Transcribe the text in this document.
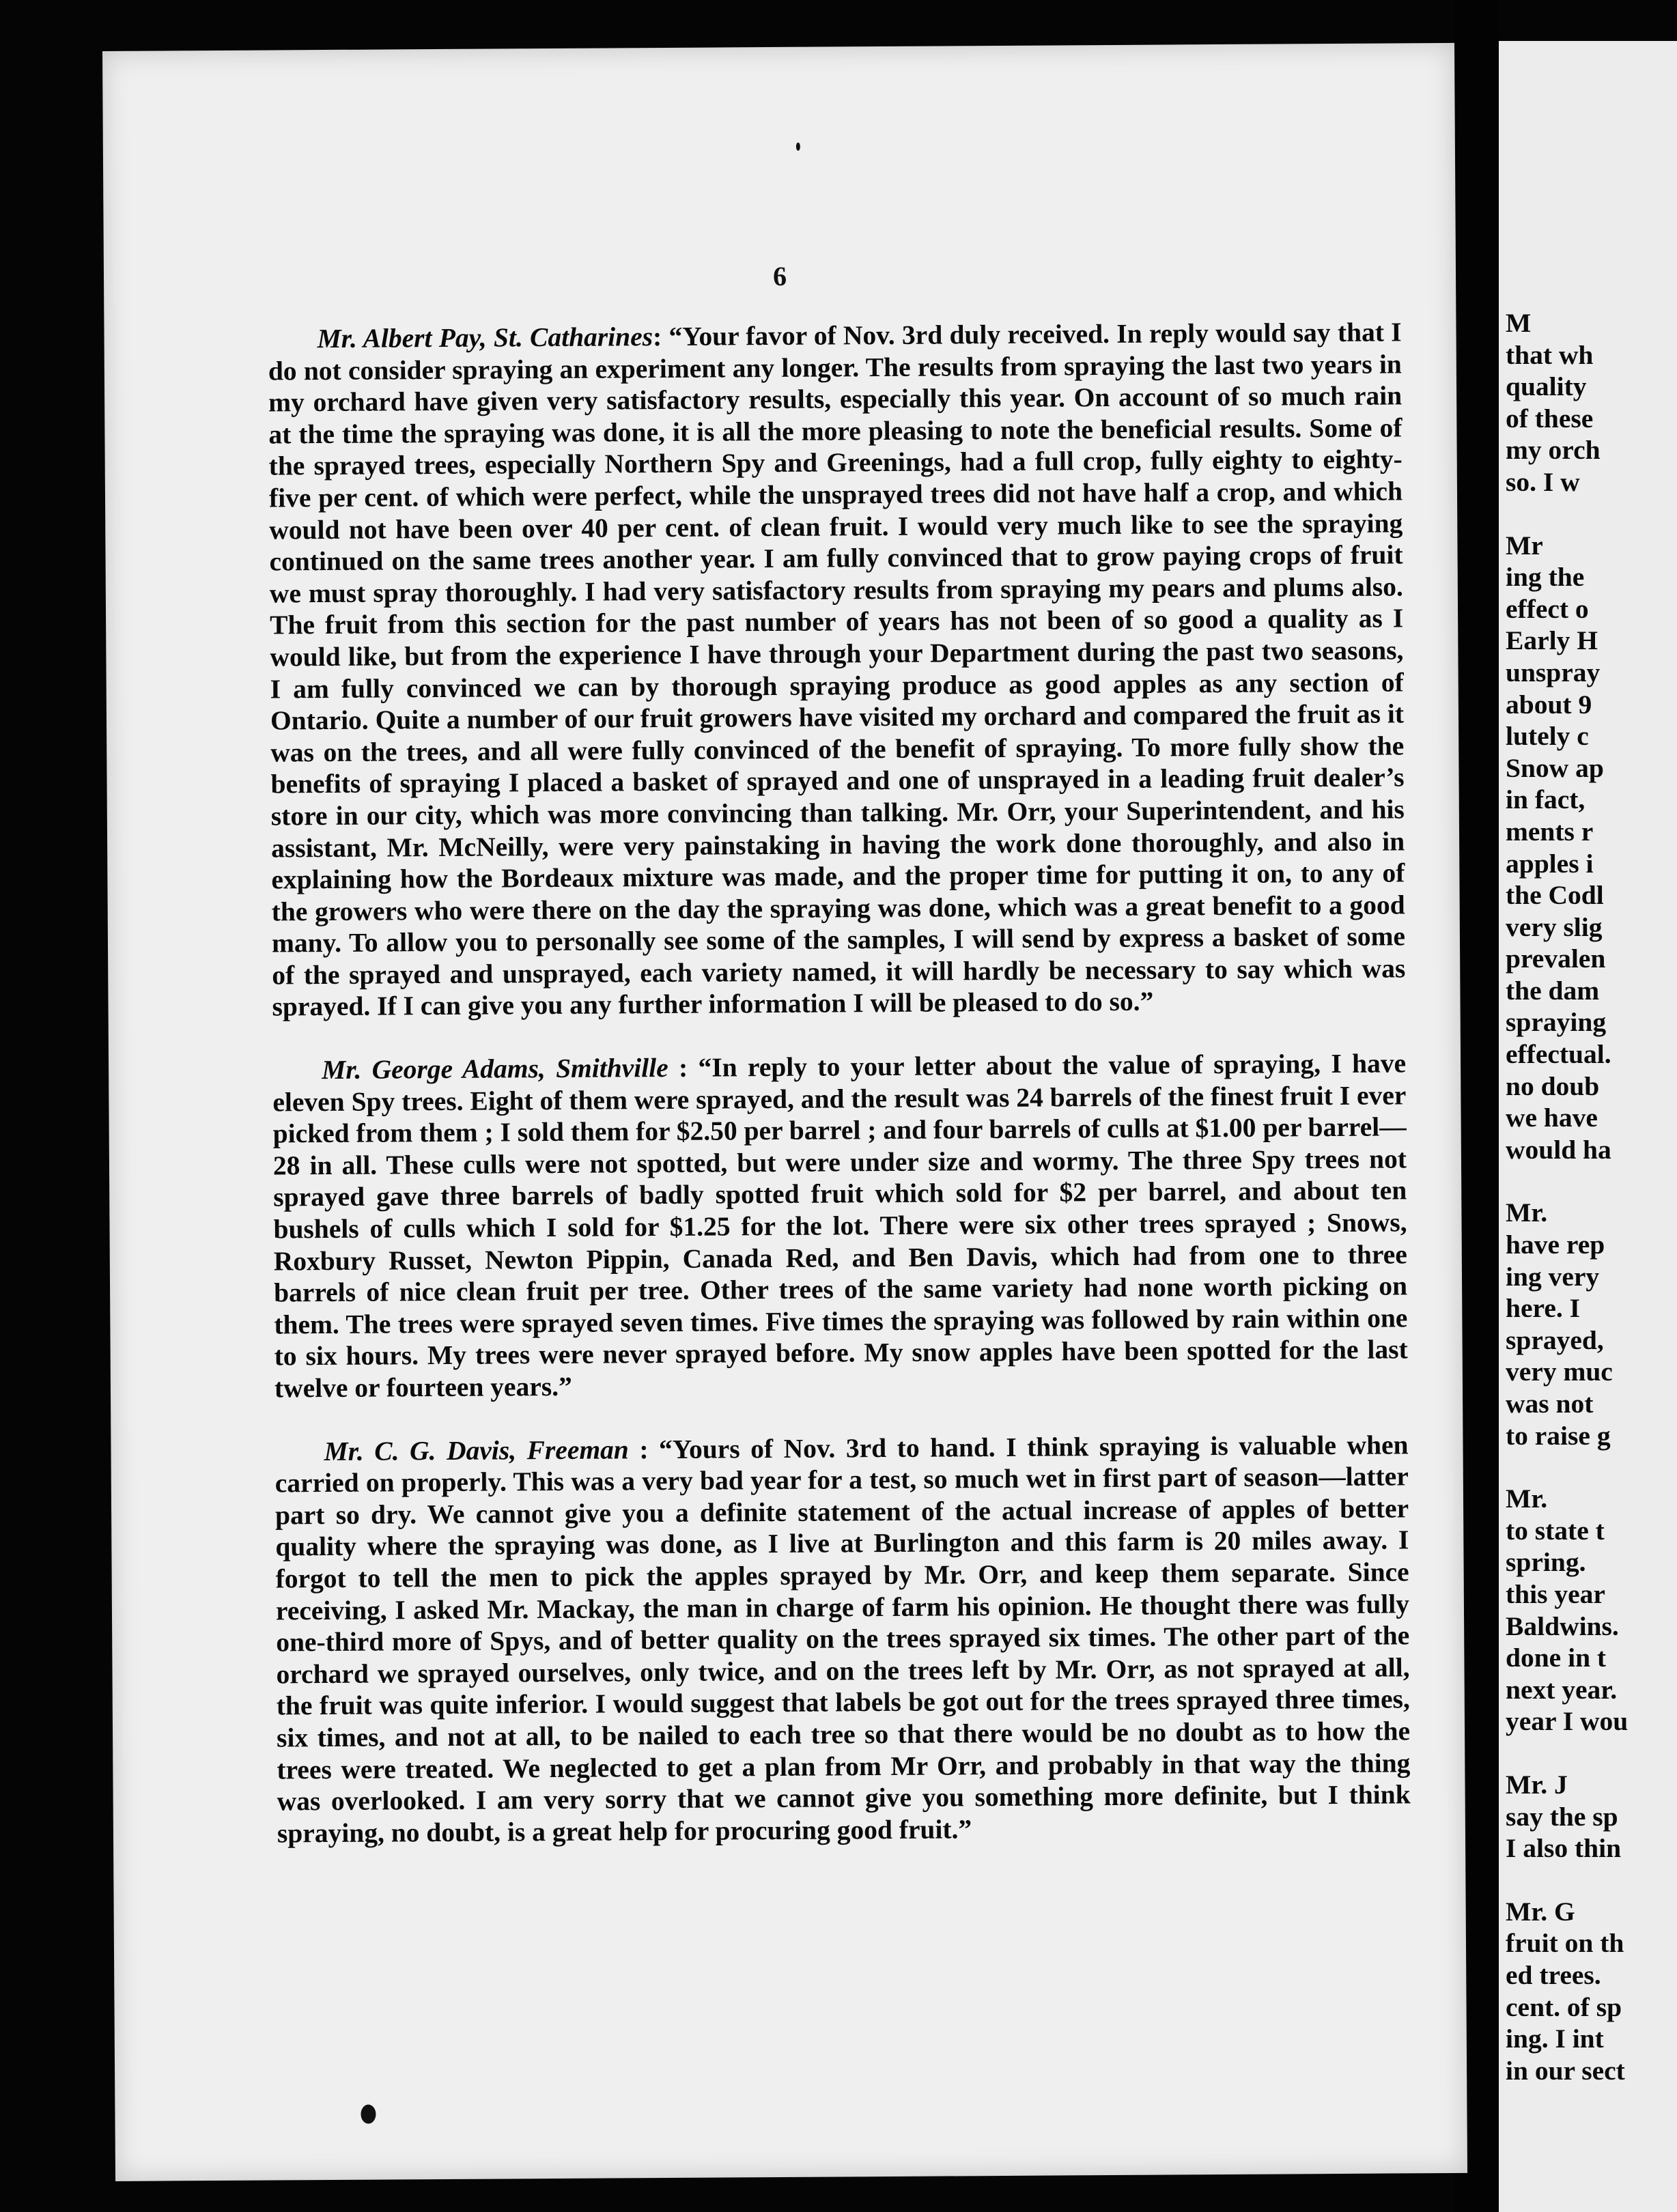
6

Mr. Albert Pay, St. Catharines: “Your favor of Nov. 3rd duly received. In reply would say that I do not consider spraying an experiment any longer. The results from spraying the last two years in my orchard have given very satisfactory results, especially this year. On account of so much rain at the time the spraying was done, it is all the more pleasing to note the beneficial results. Some of the sprayed trees, especially Northern Spy and Greenings, had a full crop, fully eighty to eighty-five per cent. of which were perfect, while the unsprayed trees did not have half a crop, and which would not have been over 40 per cent. of clean fruit. I would very much like to see the spraying continued on the same trees another year. I am fully convinced that to grow paying crops of fruit we must spray thoroughly. I had very satisfactory results from spraying my pears and plums also. The fruit from this section for the past number of years has not been of so good a quality as I would like, but from the experience I have through your Department during the past two seasons, I am fully convinced we can by thorough spraying produce as good apples as any section of Ontario. Quite a number of our fruit growers have visited my orchard and compared the fruit as it was on the trees, and all were fully convinced of the benefit of spraying. To more fully show the benefits of spraying I placed a basket of sprayed and one of unsprayed in a leading fruit dealer’s store in our city, which was more convincing than talking. Mr. Orr, your Superintendent, and his assistant, Mr. McNeilly, were very painstaking in having the work done thoroughly, and also in explaining how the Bordeaux mixture was made, and the proper time for putting it on, to any of the growers who were there on the day the spraying was done, which was a great benefit to a good many. To allow you to personally see some of the samples, I will send by express a basket of some of the sprayed and unsprayed, each variety named, it will hardly be necessary to say which was sprayed. If I can give you any further information I will be pleased to do so.”

Mr. George Adams, Smithville : “In reply to your letter about the value of spraying, I have eleven Spy trees. Eight of them were sprayed, and the result was 24 barrels of the finest fruit I ever picked from them ; I sold them for $2.50 per barrel ; and four barrels of culls at $1.00 per barrel—28 in all. These culls were not spotted, but were under size and wormy. The three Spy trees not sprayed gave three barrels of badly spotted fruit which sold for $2 per barrel, and about ten bushels of culls which I sold for $1.25 for the lot. There were six other trees sprayed ; Snows, Roxbury Russet, Newton Pippin, Canada Red, and Ben Davis, which had from one to three barrels of nice clean fruit per tree. Other trees of the same variety had none worth picking on them. The trees were sprayed seven times. Five times the spraying was followed by rain within one to six hours. My trees were never sprayed before. My snow apples have been spotted for the last twelve or fourteen years.”

Mr. C. G. Davis, Freeman : “Yours of Nov. 3rd to hand. I think spraying is valuable when carried on properly. This was a very bad year for a test, so much wet in first part of season—latter part so dry. We cannot give you a definite statement of the actual increase of apples of better quality where the spraying was done, as I live at Burlington and this farm is 20 miles away. I forgot to tell the men to pick the apples sprayed by Mr. Orr, and keep them separate. Since receiving, I asked Mr. Mackay, the man in charge of farm his opinion. He thought there was fully one-third more of Spys, and of better quality on the trees sprayed six times. The other part of the orchard we sprayed ourselves, only twice, and on the trees left by Mr. Orr, as not sprayed at all, the fruit was quite inferior. I would suggest that labels be got out for the trees sprayed three times, six times, and not at all, to be nailed to each tree so that there would be no doubt as to how the trees were treated. We neglected to get a plan from Mr Orr, and probably in that way the thing was overlooked. I am very sorry that we cannot give you something more definite, but I think spraying, no doubt, is a great help for procuring good fruit.”

M
that wh
quality
of these
my orch
so. I w
Mr
ing the
effect o
Early H
unspray
about 9
lutely c
Snow ap
in fact,
ments r
apples i
the Codl
very slig
prevalen
the dam
spraying
effectual.
no doub
we have
would ha
Mr.
have rep
ing very
here. I
sprayed,
very muc
was not
to raise g
Mr.
to state t
spring.
this year
Baldwins.
done in t
next year.
year I wou
Mr. J
say the sp
I also thin
Mr. G
fruit on th
ed trees.
cent. of sp
ing. I int
in our sect
